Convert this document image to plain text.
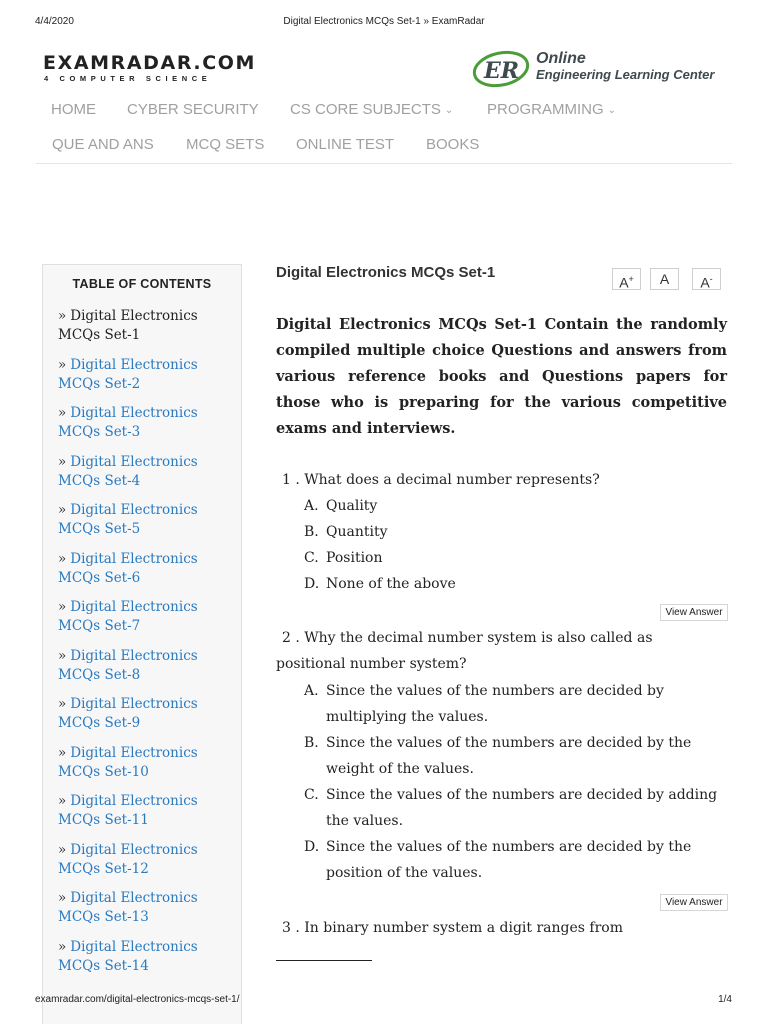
4/4/2020	Digital Electronics MCQs Set-1 » ExamRadar
EXAMRADAR.COM
4 COMPUTER SCIENCE	ER Online
Engineering Learning Center
HOME CYBER SECURITY CS CORE SUBJECTS ⌄ PROGRAMMING ⌄
QUE AND ANS MCQ SETS ONLINE TEST BOOKS
TABLE OF CONTENTS
» Digital Electronics MCQs Set-1
» Digital Electronics MCQs Set-2
» Digital Electronics MCQs Set-3
» Digital Electronics MCQs Set-4
» Digital Electronics MCQs Set-5
» Digital Electronics MCQs Set-6
» Digital Electronics MCQs Set-7
» Digital Electronics MCQs Set-8
» Digital Electronics MCQs Set-9
» Digital Electronics MCQs Set-10
» Digital Electronics MCQs Set-11
» Digital Electronics MCQs Set-12
» Digital Electronics MCQs Set-13
» Digital Electronics MCQs Set-14
Digital Electronics MCQs Set-1
A+	A	A-

Digital Electronics MCQs Set-1 Contain the randomly compiled multiple choice Questions and answers from various reference books and Questions papers for those who is preparing for the various competitive exams and interviews.

1 . What does a decimal number represents?

A. Quality
B. Quantity
C. Position
D. None of the above
View Answer

2 . Why the decimal number system is also called as positional number system?

A. Since the values of the numbers are decided by multiplying the values.
B. Since the values of the numbers are decided by the weight of the values.
C. Since the values of the numbers are decided by adding the values.
D. Since the values of the numbers are decided by the position of the values.
View Answer

3 . In binary number system a digit ranges from

examradar.com/digital-electronics-mcqs-set-1/	1/4
